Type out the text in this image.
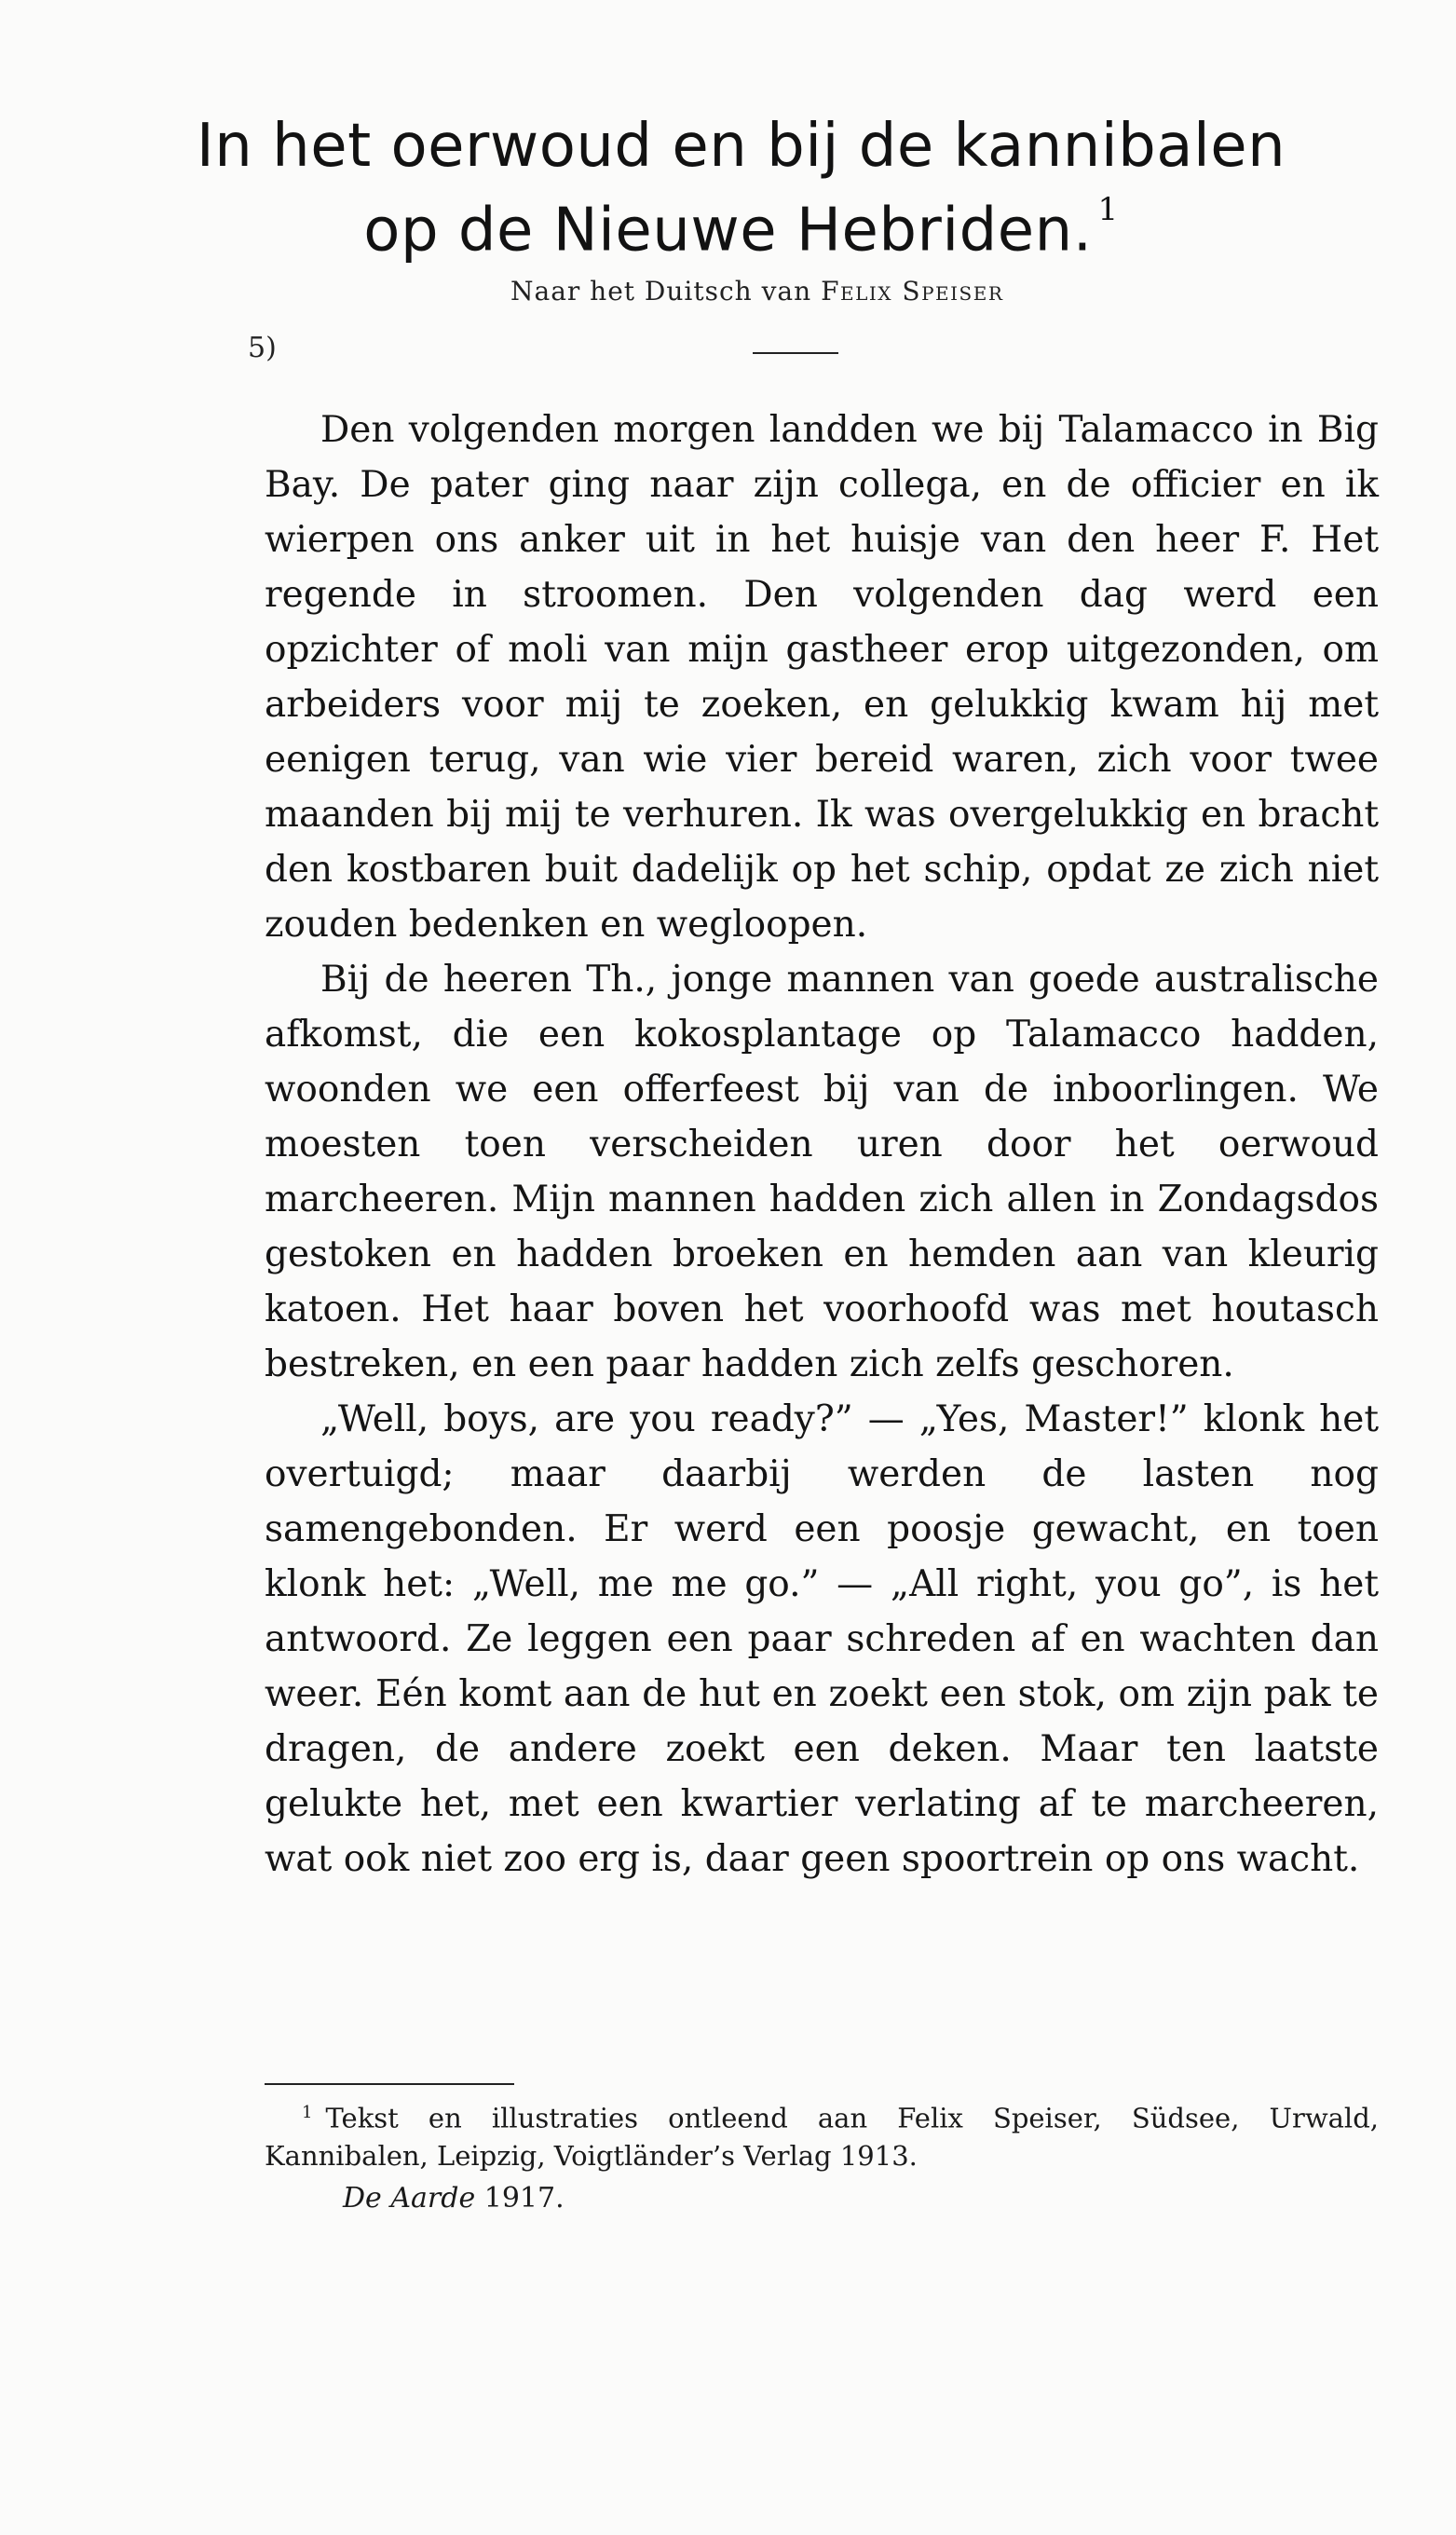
In het oerwoud en bij de kannibalen
op de Nieuwe Hebriden. $^1$
Naar het Duitsch van Felix Speiser
5)

Den volgenden morgen landden we bij Talamacco in Big Bay. De pater ging naar zijn collega, en de officier en ik wierpen ons anker uit in het huisje van den heer F. Het regende in stroomen. Den volgenden dag werd een opzichter of moli van mijn gastheer erop uitgezonden, om arbeiders voor mij te zoeken, en gelukkig kwam hij met eenigen terug, van wie vier bereid waren, zich voor twee maanden bij mij te verhuren. Ik was overgelukkig en bracht den kostbaren buit dadelijk op het schip, opdat ze zich niet zouden bedenken en wegloopen.

Bij de heeren Th., jonge mannen van goede australische afkomst, die een kokosplantage op Talamacco hadden, woonden we een offerfeest bij van de inboorlingen. We moesten toen verscheiden uren door het oerwoud marcheeren. Mijn mannen hadden zich allen in Zondagsdos gestoken en hadden broeken en hemden aan van kleurig katoen. Het haar boven het voorhoofd was met houtasch bestreken, en een paar hadden zich zelfs geschoren.

„Well, boys, are you ready?” — „Yes, Master!” klonk het overtuigd; maar daarbij werden de lasten nog samengebonden. Er werd een poosje gewacht, en toen klonk het: „Well, me me go.” — „All right, you go”, is het antwoord. Ze leggen een paar schreden af en wachten dan weer. Eén komt aan de hut en zoekt een stok, om zijn pak te dragen, de andere zoekt een deken. Maar ten laatste gelukte het, met een kwartier verlating af te marcheeren, wat ook niet zoo erg is, daar geen spoortrein op ons wacht.

$^1$ Tekst en illustraties ontleend aan Felix Speiser, Südsee, Urwald, Kannibalen, Leipzig, Voigtländer’s Verlag 1913.
De Aarde 1917.
